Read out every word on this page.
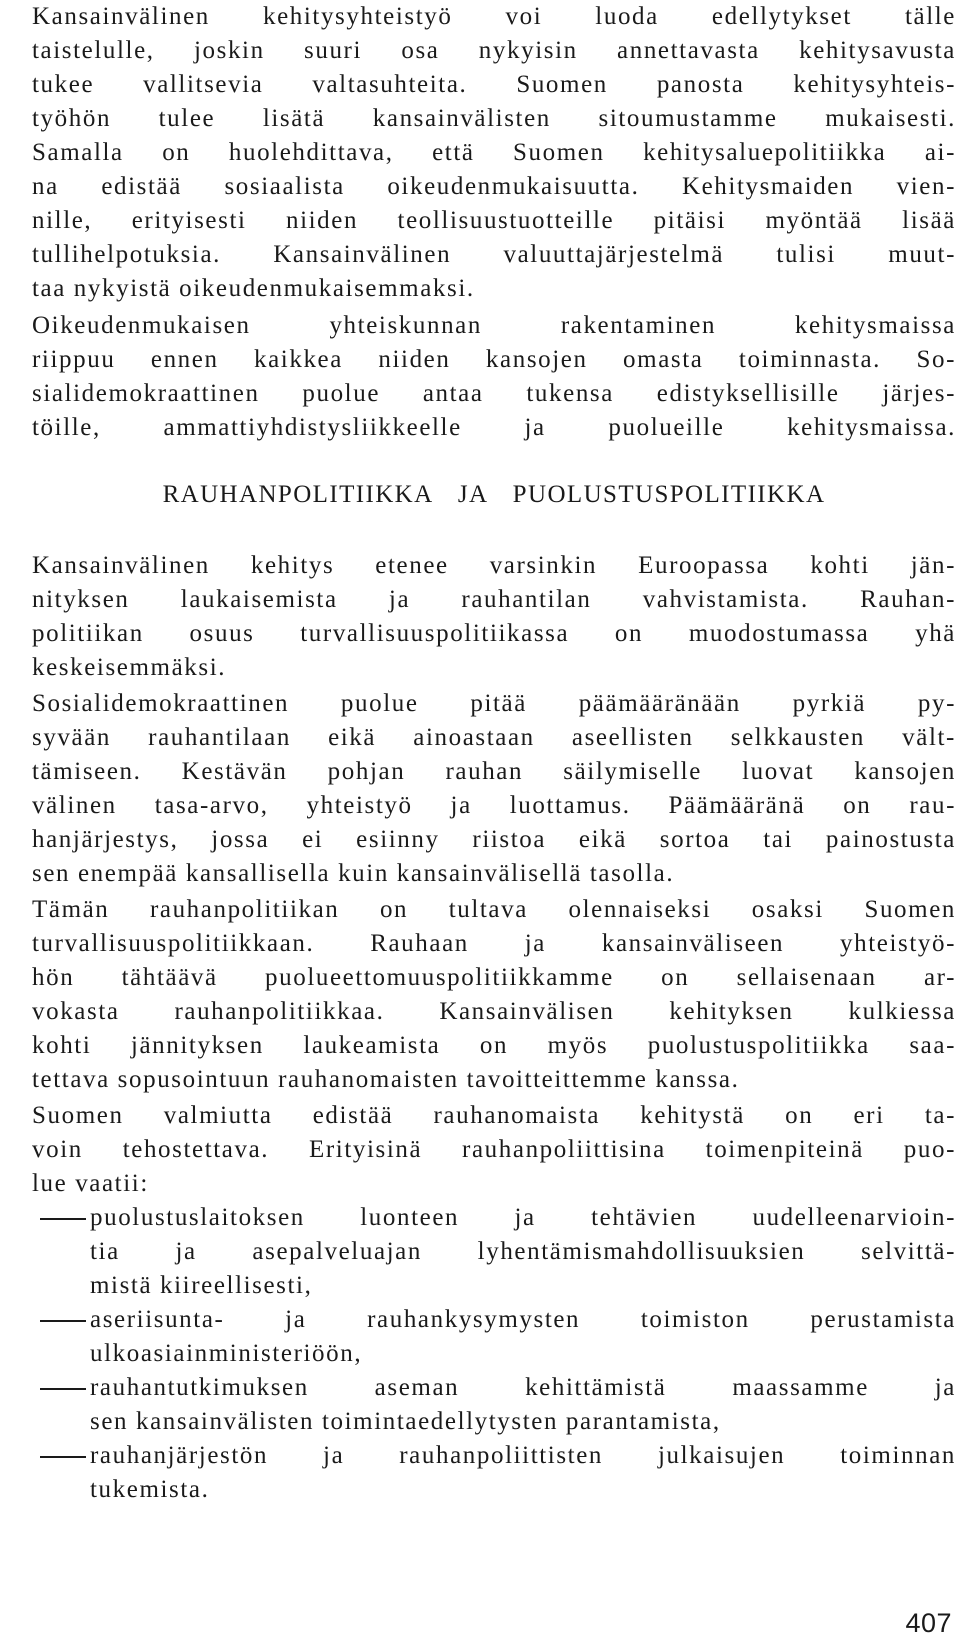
Kansainvälinen kehitysyhteistyö voi luoda edellytykset tälle
taistelulle, joskin suuri osa nykyisin annettavasta kehitysavusta
tukee vallitsevia valtasuhteita. Suomen panosta kehitysyhteis-
työhön tulee lisätä kansainvälisten sitoumustamme mukaisesti.
Samalla on huolehdittava, että Suomen kehitysaluepolitiikka ai-
na edistää sosiaalista oikeudenmukaisuutta. Kehitysmaiden vien-
nille, erityisesti niiden teollisuustuotteille pitäisi myöntää lisää
tullihelpotuksia. Kansainvälinen valuuttajärjestelmä tulisi muut-
taa nykyistä oikeudenmukaisemmaksi.
Oikeudenmukaisen yhteiskunnan rakentaminen kehitysmaissa
riippuu ennen kaikkea niiden kansojen omasta toiminnasta. So-
sialidemokraattinen puolue antaa tukensa edistyksellisille järjes-
töille, ammattiyhdistysliikkeelle ja puolueille kehitysmaissa.
RAUHANPOLITIIKKA JA PUOLUSTUSPOLITIIKKA
Kansainvälinen kehitys etenee varsinkin Euroopassa kohti jän-
nityksen laukaisemista ja rauhantilan vahvistamista. Rauhan-
politiikan osuus turvallisuuspolitiikassa on muodostumassa yhä
keskeisemmäksi.
Sosialidemokraattinen puolue pitää päämääränään pyrkiä py-
syvään rauhantilaan eikä ainoastaan aseellisten selkkausten vält-
tämiseen. Kestävän pohjan rauhan säilymiselle luovat kansojen
välinen tasa-arvo, yhteistyö ja luottamus. Päämääränä on rau-
hanjärjestys, jossa ei esiinny riistoa eikä sortoa tai painostusta
sen enempää kansallisella kuin kansainvälisellä tasolla.
Tämän rauhanpolitiikan on tultava olennaiseksi osaksi Suomen
turvallisuuspolitiikkaan. Rauhaan ja kansainväliseen yhteistyö-
hön tähtäävä puolueettomuuspolitiikkamme on sellaisenaan ar-
vokasta rauhanpolitiikkaa. Kansainvälisen kehityksen kulkiessa
kohti jännityksen laukeamista on myös puolustuspolitiikka saa-
tettava sopusointuun rauhanomaisten tavoitteittemme kanssa.
Suomen valmiutta edistää rauhanomaista kehitystä on eri ta-
voin tehostettava. Erityisinä rauhanpoliittisina toimenpiteinä puo-
lue vaatii:
puolustuslaitoksen luonteen ja tehtävien uudelleenarvioin-
tia ja asepalveluajan lyhentämismahdollisuuksien selvittä-
mistä kiireellisesti,
aseriisunta- ja rauhankysymysten toimiston perustamista
ulkoasiainministeriöön,
rauhantutkimuksen aseman kehittämistä maassamme ja
sen kansainvälisten toimintaedellytysten parantamista,
rauhanjärjestön ja rauhanpoliittisten julkaisujen toiminnan
tukemista.
407
